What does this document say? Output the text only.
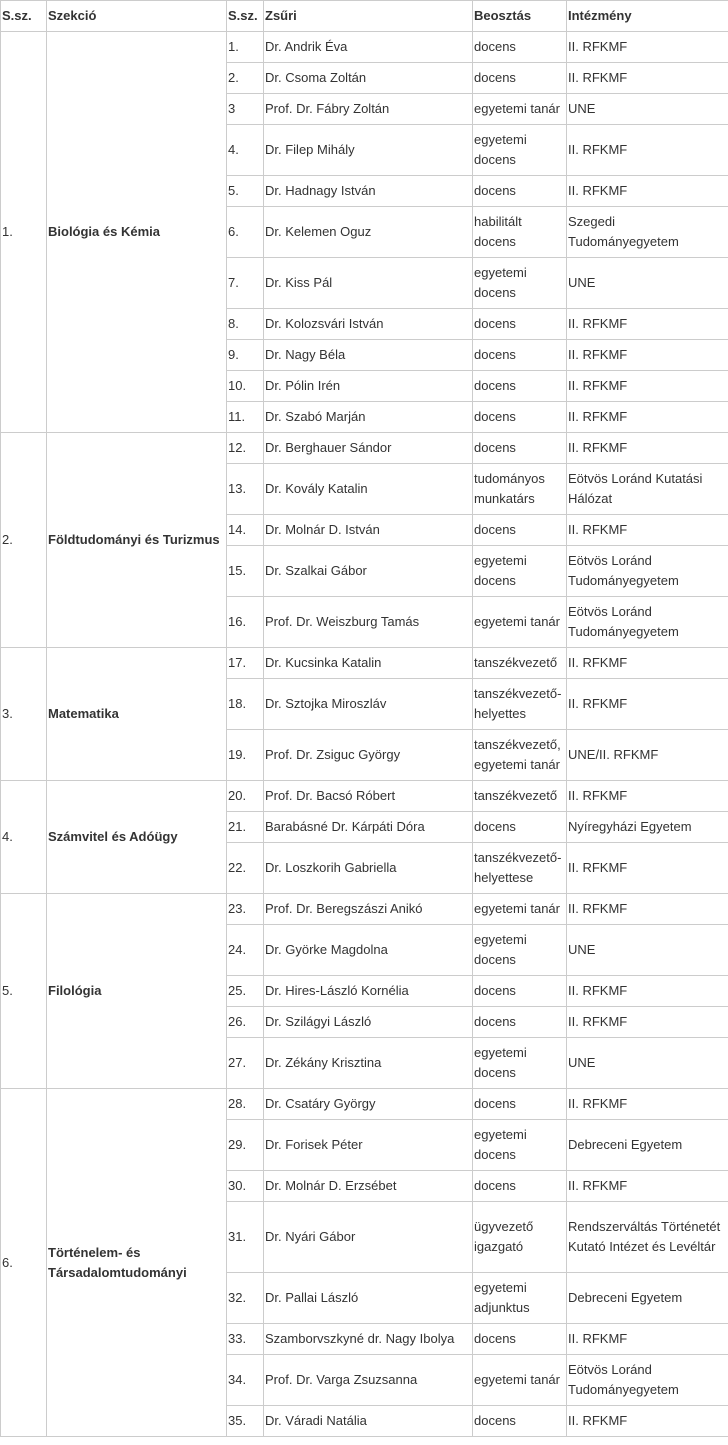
S.sz.	Szekció	S.sz.	Zsűri	Beosztás	Intézmény
1.	Biológia és Kémia	1.	Dr. Andrik Éva	docens	II. RFKMF
		2.	Dr. Csoma Zoltán	docens	II. RFKMF
		3	Prof. Dr. Fábry Zoltán	egyetemi tanár	UNE
		4.	Dr. Filep Mihály	egyetemi docens	II. RFKMF
		5.	Dr. Hadnagy István	docens	II. RFKMF
		6.	Dr. Kelemen Oguz	habilitált docens	Szegedi Tudományegyetem
		7.	Dr. Kiss Pál	egyetemi docens	UNE
		8.	Dr. Kolozsvári István	docens	II. RFKMF
		9.	Dr. Nagy Béla	docens	II. RFKMF
		10.	Dr. Pólin Irén	docens	II. RFKMF
		11.	Dr. Szabó Marján	docens	II. RFKMF
2.	Földtudományi és Turizmus	12.	Dr. Berghauer Sándor	docens	II. RFKMF
		13.	Dr. Kovály Katalin	tudományos munkatárs	Eötvös Loránd Kutatási Hálózat
		14.	Dr. Molnár D. István	docens	II. RFKMF
		15.	Dr. Szalkai Gábor	egyetemi docens	Eötvös Loránd Tudományegyetem
		16.	Prof. Dr. Weiszburg Tamás	egyetemi tanár	Eötvös Loránd Tudományegyetem
3.	Matematika	17.	Dr. Kucsinka Katalin	tanszékvezető	II. RFKMF
		18.	Dr. Sztojka Miroszláv	tanszékvezető-helyettes	II. RFKMF
		19.	Prof. Dr. Zsiguc György	tanszékvezető, egyetemi tanár	UNE/II. RFKMF
4.	Számvitel és Adóügy	20.	Prof. Dr. Bacsó Róbert	tanszékvezető	II. RFKMF
		21.	Barabásné Dr. Kárpáti Dóra	docens	Nyíregyházi Egyetem
		22.	Dr. Loszkorih Gabriella	tanszékvezető-helyettese	II. RFKMF
5.	Filológia	23.	Prof. Dr. Beregszászi Anikó	egyetemi tanár	II. RFKMF
		24.	Dr. Györke Magdolna	egyetemi docens	UNE
		25.	Dr. Hires-László Kornélia	docens	II. RFKMF
		26.	Dr. Szilágyi László	docens	II. RFKMF
		27.	Dr. Zékány Krisztina	egyetemi docens	UNE
6.	Történelem- és Társadalomtudományi	28.	Dr. Csatáry György	docens	II. RFKMF
		29.	Dr. Forisek Péter	egyetemi docens	Debreceni Egyetem
		30.	Dr. Molnár D. Erzsébet	docens	II. RFKMF
		31.	Dr. Nyári Gábor	ügyvezető igazgató	Rendszerváltás Történetét Kutató Intézet és Levéltár
		32.	Dr. Pallai László	egyetemi adjunktus	Debreceni Egyetem
		33.	Szamborvszkyné dr. Nagy Ibolya	docens	II. RFKMF
		34.	Prof. Dr. Varga Zsuzsanna	egyetemi tanár	Eötvös Loránd Tudományegyetem
		35.	Dr. Váradi Natália	docens	II. RFKMF
